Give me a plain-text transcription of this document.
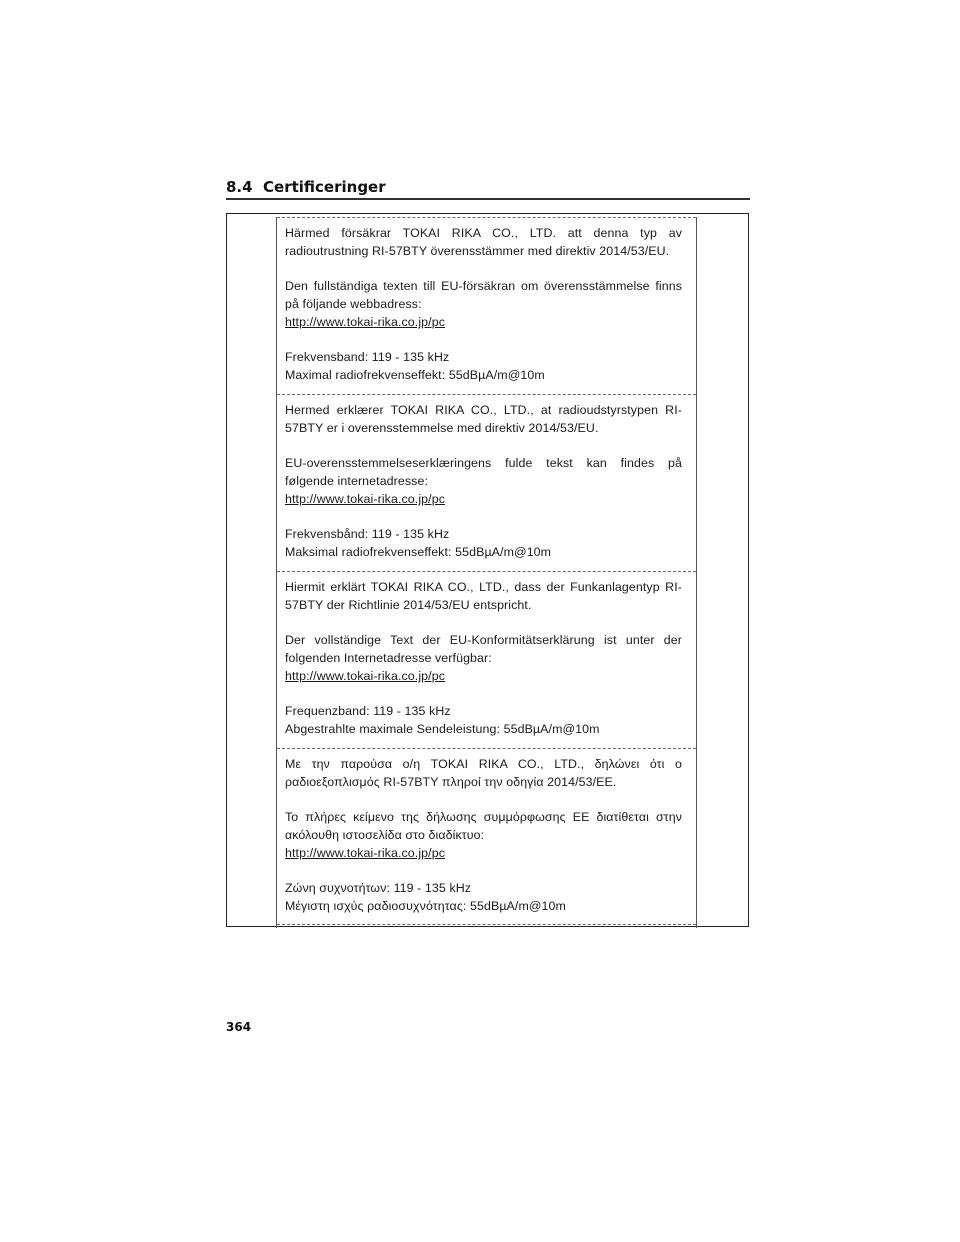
8.4 Certificeringer

Härmed försäkrar TOKAI RIKA CO., LTD. att denna typ av radioutrustning RI-57BTY överensstämmer med direktiv 2014/53/EU.

Den fullständiga texten till EU-försäkran om överensstämmelse finns på följande webbadress:
http://www.tokai-rika.co.jp/pc

Frekvensband: 119 - 135 kHz
Maximal radiofrekvenseffekt: 55dBµA/m@10m

Hermed erklærer TOKAI RIKA CO., LTD., at radioudstyrstypen RI-57BTY er i overensstemmelse med direktiv 2014/53/EU.

EU-overensstemmelseserklæringens fulde tekst kan findes på følgende internetadresse:
http://www.tokai-rika.co.jp/pc

Frekvensbånd: 119 - 135 kHz
Maksimal radiofrekvenseffekt: 55dBµA/m@10m

Hiermit erklärt TOKAI RIKA CO., LTD., dass der Funkanlagentyp RI-57BTY der Richtlinie 2014/53/EU entspricht.

Der vollständige Text der EU-Konformitätserklärung ist unter der folgenden Internetadresse verfügbar:
http://www.tokai-rika.co.jp/pc

Frequenzband: 119 - 135 kHz
Abgestrahlte maximale Sendeleistung: 55dBµA/m@10m

Με την παρούσα ο/η TOKAI RIKA CO., LTD., δηλώνει ότι ο ραδιοεξοπλισμός RI-57BTY πληροί την οδηγία 2014/53/ΕΕ.

Το πλήρες κείμενο της δήλωσης συμμόρφωσης ΕΕ διατίθεται στην ακόλουθη ιστοσελίδα στο διαδίκτυο:
http://www.tokai-rika.co.jp/pc

Ζώνη συχνοτήτων: 119 - 135 kHz
Μέγιστη ισχύς ραδιοσυχνότητας: 55dBµA/m@10m

364
